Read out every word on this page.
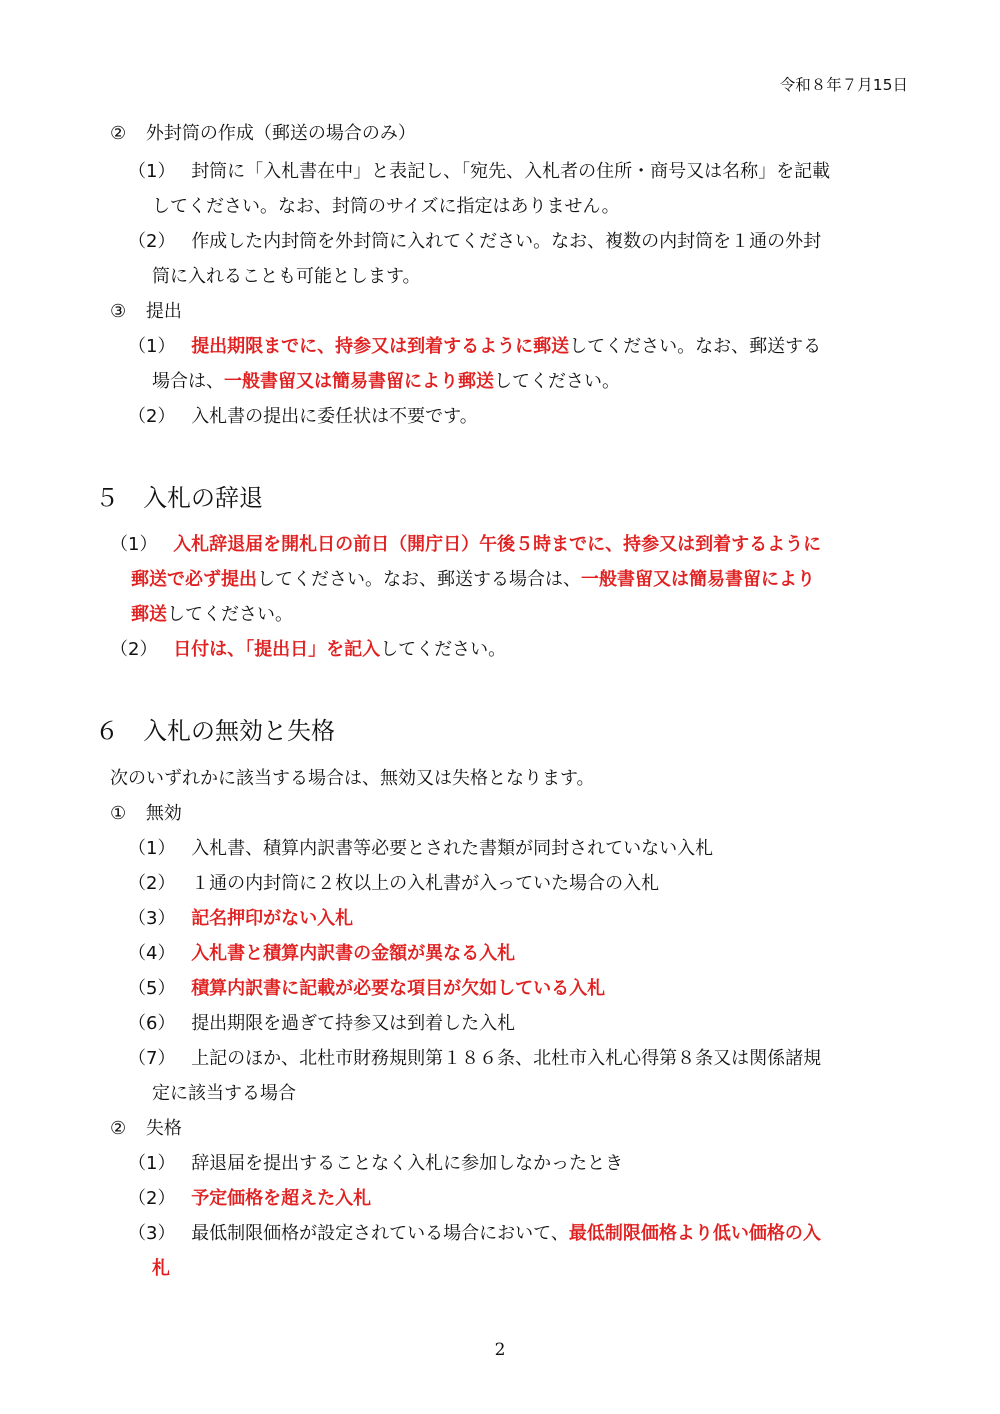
令和８年７月15日
② 外封筒の作成（郵送の場合のみ）
（1） 封筒に「入札書在中」と表記し、「宛先、入札者の住所・商号又は名称」を記載
してください。なお、封筒のサイズに指定はありません。
（2） 作成した内封筒を外封筒に入れてください。なお、複数の内封筒を１通の外封
筒に入れることも可能とします。
③ 提出
（1） 提出期限までに、持参又は到着するように郵送してください。なお、郵送する
場合は、一般書留又は簡易書留により郵送してください。
（2） 入札書の提出に委任状は不要です。
５　入札の辞退
（1） 入札辞退届を開札日の前日（開庁日）午後５時までに、持参又は到着するように
郵送で必ず提出してください。なお、郵送する場合は、一般書留又は簡易書留により
郵送してください。
（2） 日付は、「提出日」を記入してください。
６　入札の無効と失格
次のいずれかに該当する場合は、無効又は失格となります。
① 無効
（1） 入札書、積算内訳書等必要とされた書類が同封されていない入札
（2） １通の内封筒に２枚以上の入札書が入っていた場合の入札
（3） 記名押印がない入札
（4） 入札書と積算内訳書の金額が異なる入札
（5） 積算内訳書に記載が必要な項目が欠如している入札
（6） 提出期限を過ぎて持参又は到着した入札
（7） 上記のほか、北杜市財務規則第１８６条、北杜市入札心得第８条又は関係諸規
定に該当する場合
② 失格
（1） 辞退届を提出することなく入札に参加しなかったとき
（2） 予定価格を超えた入札
（3） 最低制限価格が設定されている場合において、最低制限価格より低い価格の入
札
2
